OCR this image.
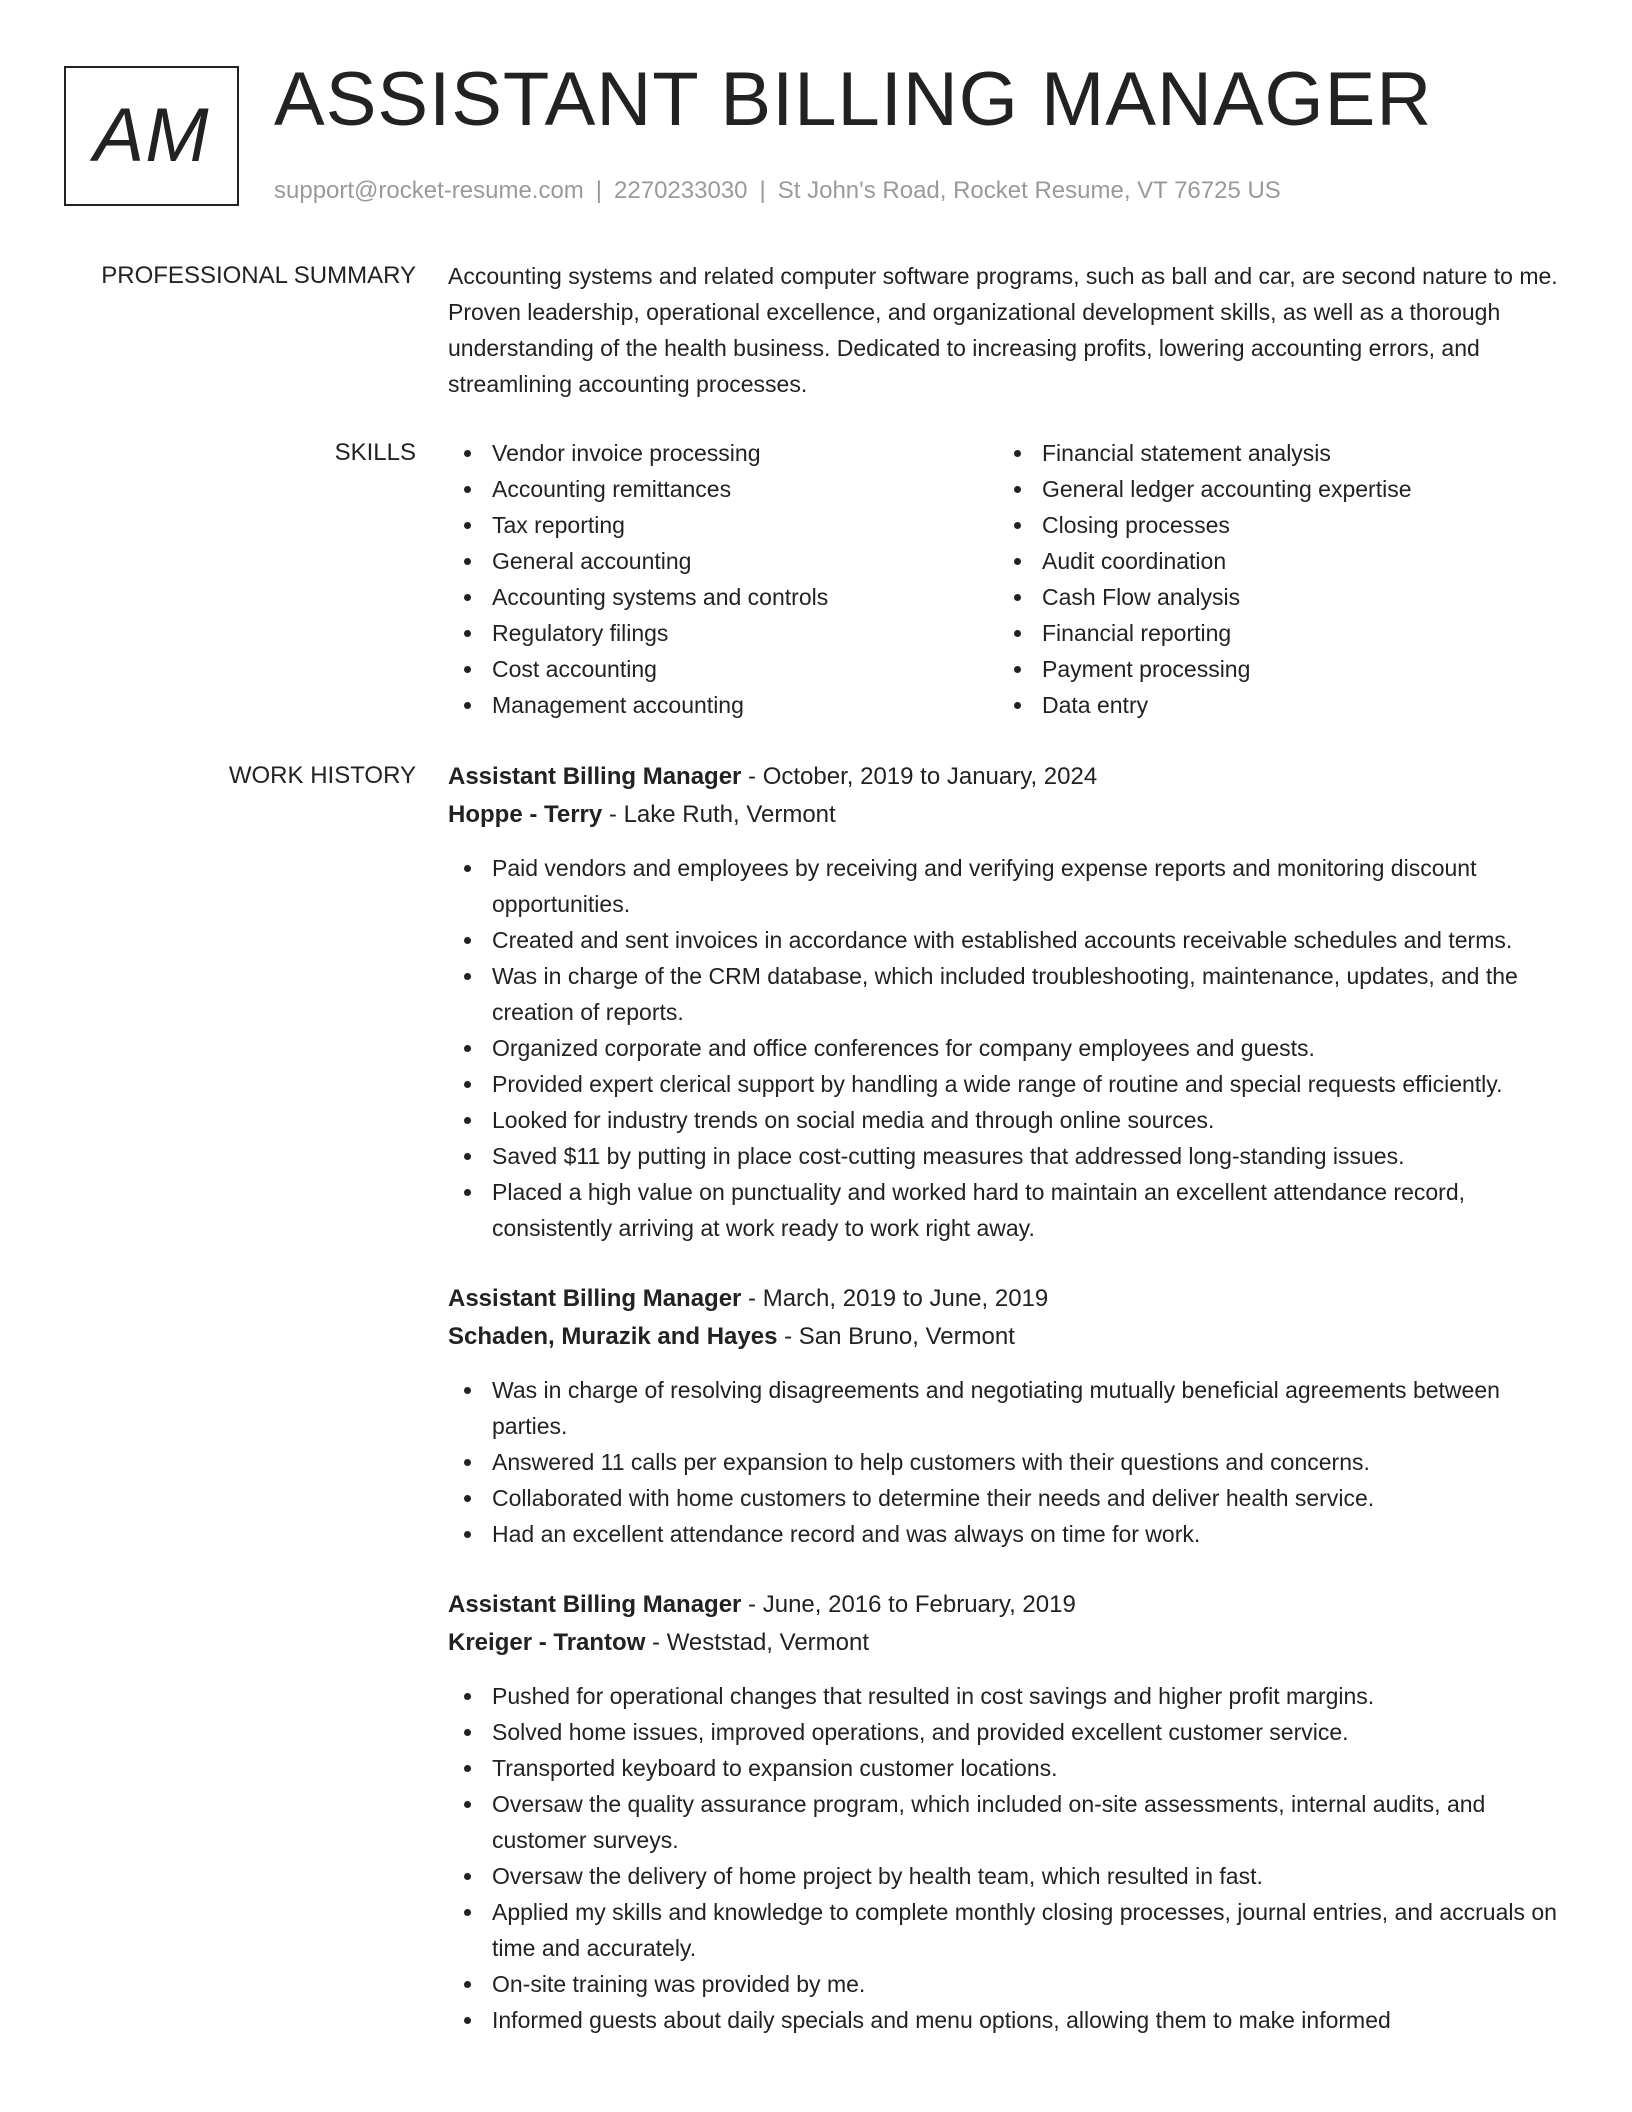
AM ASSISTANT BILLING MANAGER
support@rocket-resume.com | 2270233030 | St John's Road, Rocket Resume, VT 76725 US
PROFESSIONAL SUMMARY Accounting systems and related computer software programs, such as ball and car, are second nature to me. Proven leadership, operational excellence, and organizational development skills, as well as a thorough understanding of the health business. Dedicated to increasing profits, lowering accounting errors, and streamlining accounting processes.

SKILLS	Vendor invoice processing
Accounting remittances
Tax reporting
General accounting
Accounting systems and controls
Regulatory filings
Cost accounting
Management accounting
Financial statement analysis
General ledger accounting expertise
Closing processes
Audit coordination
Cash Flow analysis
Financial reporting
Payment processing
Data entry
WORK HISTORY Assistant Billing Manager - October, 2019 to January, 2024

Hoppe - Terry - Lake Ruth, Vermont

Paid vendors and employees by receiving and verifying expense reports and monitoring discount opportunities.
Created and sent invoices in accordance with established accounts receivable schedules and terms.
Was in charge of the CRM database, which included troubleshooting, maintenance, updates, and the creation of reports.
Organized corporate and office conferences for company employees and guests.
Provided expert clerical support by handling a wide range of routine and special requests efficiently.
Looked for industry trends on social media and through online sources.
Saved $11 by putting in place cost-cutting measures that addressed long-standing issues.
Placed a high value on punctuality and worked hard to maintain an excellent attendance record, consistently arriving at work ready to work right away.

Assistant Billing Manager - March, 2019 to June, 2019

Schaden, Murazik and Hayes - San Bruno, Vermont

Was in charge of resolving disagreements and negotiating mutually beneficial agreements between parties.
Answered 11 calls per expansion to help customers with their questions and concerns.
Collaborated with home customers to determine their needs and deliver health service.
Had an excellent attendance record and was always on time for work.

Assistant Billing Manager - June, 2016 to February, 2019

Kreiger - Trantow - Weststad, Vermont

Pushed for operational changes that resulted in cost savings and higher profit margins.
Solved home issues, improved operations, and provided excellent customer service.
Transported keyboard to expansion customer locations.
Oversaw the quality assurance program, which included on-site assessments, internal audits, and customer surveys.
Oversaw the delivery of home project by health team, which resulted in fast.
Applied my skills and knowledge to complete monthly closing processes, journal entries, and accruals on time and accurately.
On-site training was provided by me.
Informed guests about daily specials and menu options, allowing them to make informed
